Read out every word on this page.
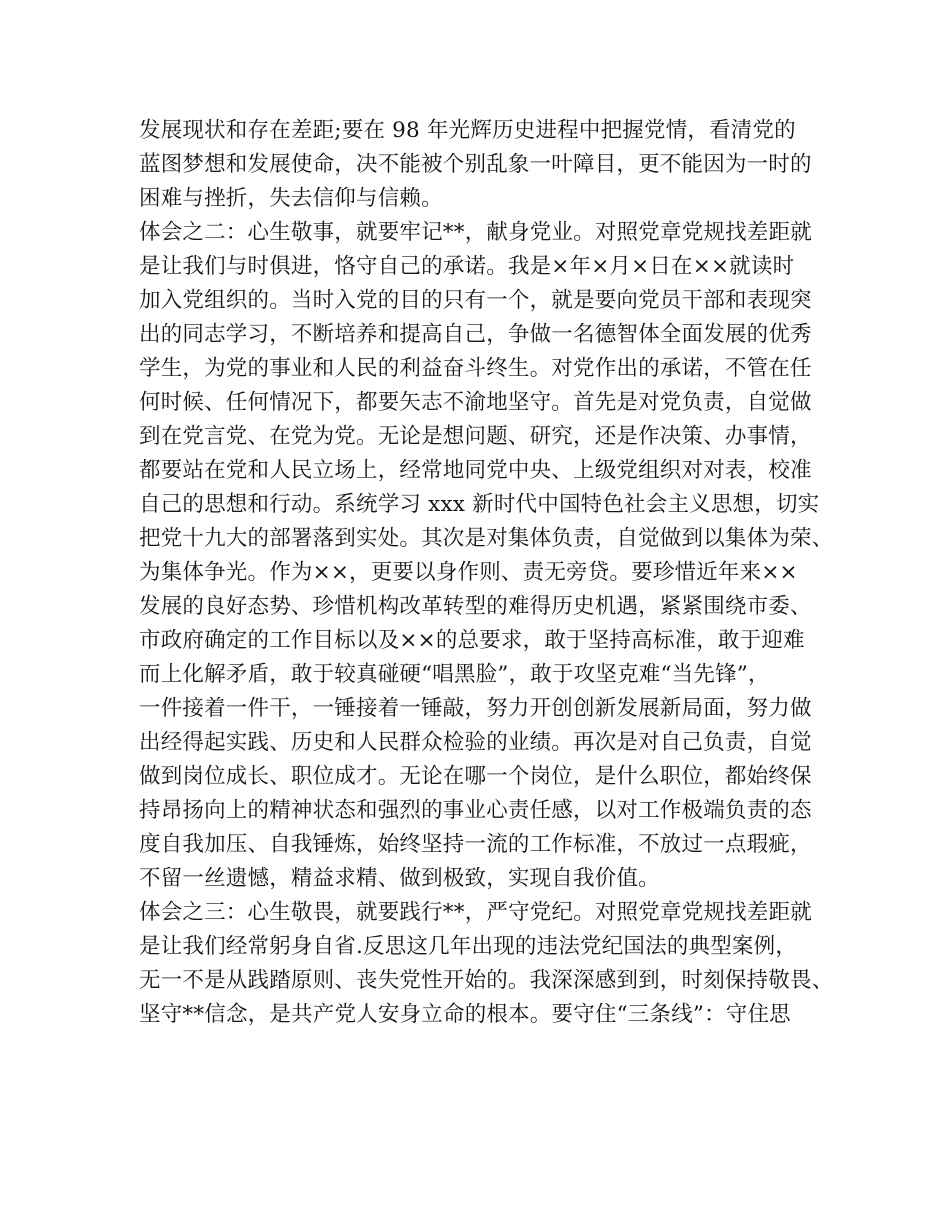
发展现状和存在差距;要在 98 年光辉历史进程中把握党情，看清党的
蓝图梦想和发展使命，决不能被个别乱象一叶障目，更不能因为一时的
困难与挫折，失去信仰与信赖。
体会之二：心生敬事，就要牢记**，献身党业。对照党章党规找差距就
是让我们与时俱进，恪守自己的承诺。我是×年×月×日在××就读时
加入党组织的。当时入党的目的只有一个，就是要向党员干部和表现突
出的同志学习，不断培养和提高自己，争做一名德智体全面发展的优秀
学生，为党的事业和人民的利益奋斗终生。对党作出的承诺，不管在任
何时候、任何情况下，都要矢志不渝地坚守。首先是对党负责，自觉做
到在党言党、在党为党。无论是想问题、研究，还是作决策、办事情，
都要站在党和人民立场上，经常地同党中央、上级党组织对对表，校准
自己的思想和行动。系统学习 xxx 新时代中国特色社会主义思想，切实
把党十九大的部署落到实处。其次是对集体负责，自觉做到以集体为荣、
为集体争光。作为××，更要以身作则、责无旁贷。要珍惜近年来××
发展的良好态势、珍惜机构改革转型的难得历史机遇，紧紧围绕市委、
市政府确定的工作目标以及××的总要求，敢于坚持高标准，敢于迎难
而上化解矛盾，敢于较真碰硬“唱黑脸”，敢于攻坚克难“当先锋”，
一件接着一件干，一锤接着一锤敲，努力开创创新发展新局面，努力做
出经得起实践、历史和人民群众检验的业绩。再次是对自己负责，自觉
做到岗位成长、职位成才。无论在哪一个岗位，是什么职位，都始终保
持昂扬向上的精神状态和强烈的事业心责任感，以对工作极端负责的态
度自我加压、自我锤炼，始终坚持一流的工作标准，不放过一点瑕疵，
不留一丝遗憾，精益求精、做到极致，实现自我价值。
体会之三：心生敬畏，就要践行**，严守党纪。对照党章党规找差距就
是让我们经常躬身自省.反思这几年出现的违法党纪国法的典型案例，
无一不是从践踏原则、丧失党性开始的。我深深感到到，时刻保持敬畏、
坚守**信念，是共产党人安身立命的根本。要守住“三条线”：守住思
